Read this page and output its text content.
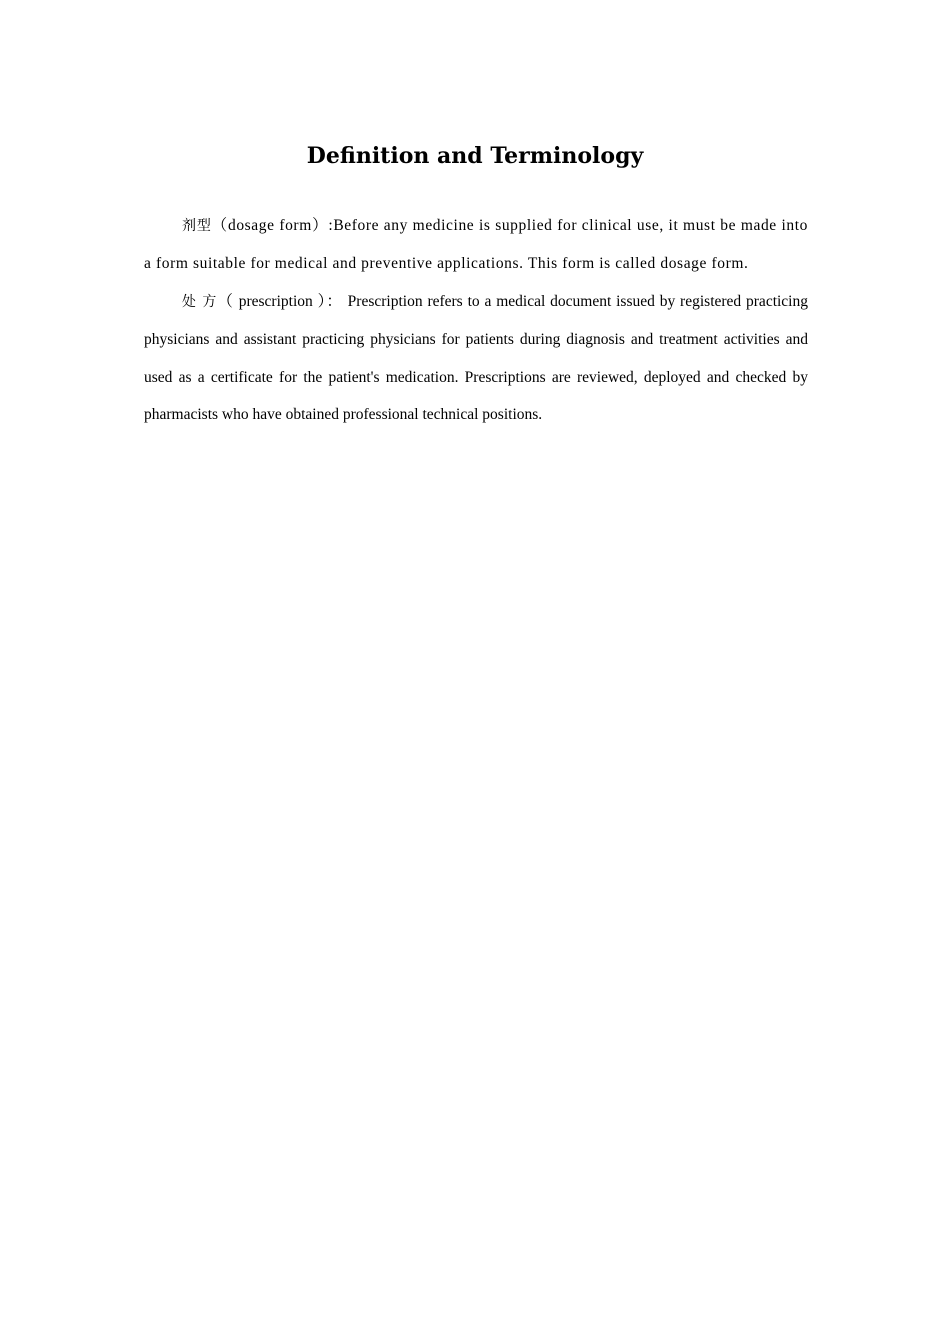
Definition and Terminology

剂型（dosage form）:Before any medicine is supplied for clinical use, it must be made into a form suitable for medical and preventive applications. This form is called dosage form.

处 方（ prescription ）： Prescription refers to a medical document issued by registered practicing physicians and assistant practicing physicians for patients during diagnosis and treatment activities and used as a certificate for the patient's medication. Prescriptions are reviewed, deployed and checked by pharmacists who have obtained professional technical positions.
